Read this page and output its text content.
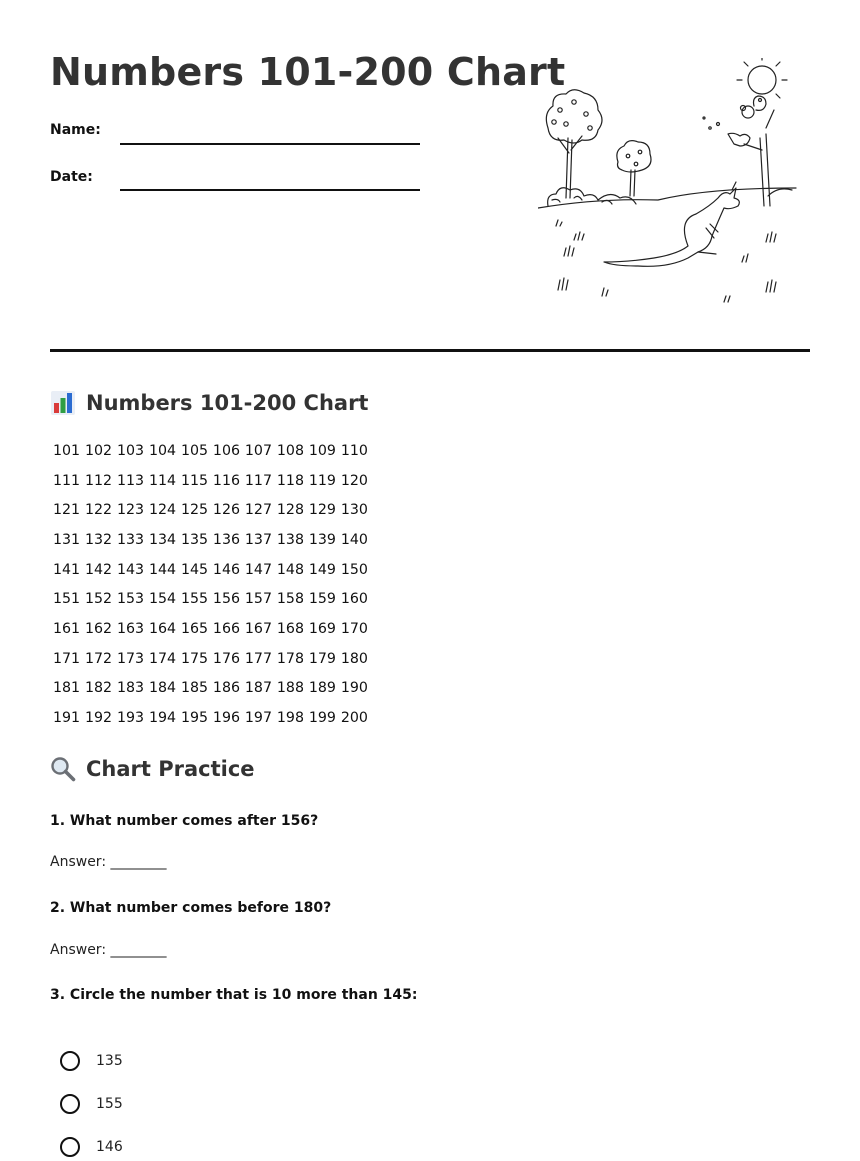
Numbers 101-200 Chart
Name:
Date:
Numbers 101-200 Chart
101 102 103 104 105 106 107 108 109 110
111 112 113 114 115 116 117 118 119 120
121 122 123 124 125 126 127 128 129 130
131 132 133 134 135 136 137 138 139 140
141 142 143 144 145 146 147 148 149 150
151 152 153 154 155 156 157 158 159 160
161 162 163 164 165 166 167 168 169 170
171 172 173 174 175 176 177 178 179 180
181 182 183 184 185 186 187 188 189 190
191 192 193 194 195 196 197 198 199 200
Chart Practice
1. What number comes after 156?
Answer: ________
2. What number comes before 180?
Answer: ________
3. Circle the number that is 10 more than 145:
135
155
146
